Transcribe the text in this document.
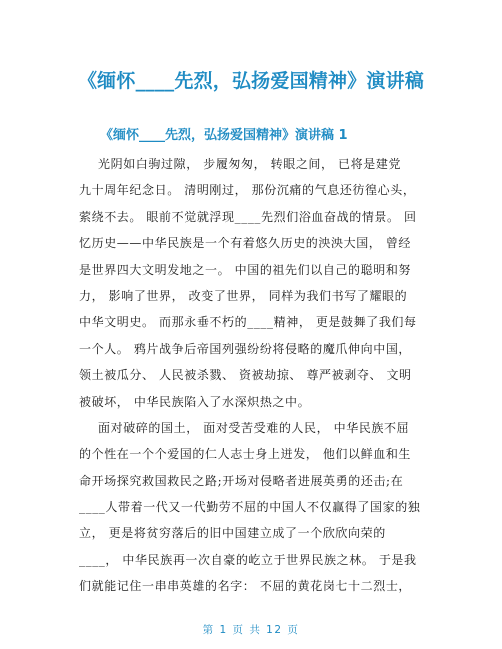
《缅怀____先烈，弘扬爱国精神》演讲稿
《缅怀____先烈，弘扬爱国精神》演讲稿 1
光阴如白驹过隙， 步履匆匆， 转眼之间， 已将是建党
九十周年纪念日。 清明刚过， 那份沉痛的气息还彷徨心头，
萦绕不去。 眼前不觉就浮现____先烈们浴血奋战的情景。 回
忆历史——中华民族是一个有着悠久历史的泱泱大国， 曾经
是世界四大文明发地之一。 中国的祖先们以自己的聪明和努
力， 影响了世界， 改变了世界， 同样为我们书写了耀眼的
中华文明史。 而那永垂不朽的____精神， 更是鼓舞了我们每
一个人。 鸦片战争后帝国列强纷纷将侵略的魔爪伸向中国，
领土被瓜分、 人民被杀戮、 资被劫掠、 尊严被剥夺、 文明
被破坏， 中华民族陷入了水深炽热之中。
面对破碎的国土， 面对受苦受难的人民， 中华民族不屈
的个性在一个个爱国的仁人志士身上迸发， 他们以鲜血和生
命开场探究救国救民之路;开场对侵略者进展英勇的还击;在
____人带着一代又一代勤劳不屈的中国人不仅赢得了国家的独
立， 更是将贫穷落后的旧中国建立成了一个欣欣向荣的
____， 中华民族再一次自豪的屹立于世界民族之林。 于是我
们就能记住一串串英雄的名字： 不屈的黄花岗七十二烈士，
第 1 页 共 12 页
